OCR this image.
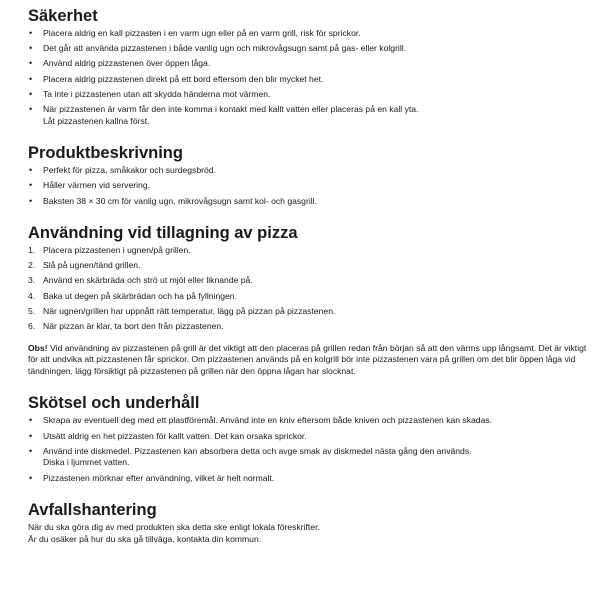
Säkerhet
• Placera aldrig en kall pizzasten i en varm ugn eller på en varm grill, risk för sprickor.
• Det går att använda pizzastenen i både vanlig ugn och mikrovågsugn samt på gas- eller kolgrill.
• Använd aldrig pizzastenen över öppen låga.
• Placera aldrig pizzastenen direkt på ett bord eftersom den blir mycket het.
• Ta inte i pizzastenen utan att skydda händerna mot värmen.
• När pizzastenen är varm får den inte komma i kontakt med kallt vatten eller placeras på en kall yta.
Låt pizzastenen kallna först.
Produktbeskrivning
• Perfekt för pizza, småkakor och surdegsbröd.
• Håller värmen vid servering.
• Baksten 38 × 30 cm för vanlig ugn, mikrovågsugn samt kol- och gasgrill.
Användning vid tillagning av pizza
1. Placera pizzastenen i ugnen/på grillen.
2. Slå på ugnen/tänd grillen.
3. Använd en skärbräda och strö ut mjöl eller liknande på.
4. Baka ut degen på skärbrädan och ha på fyllningen.
5. När ugnen/grillen har uppnått rätt temperatur, lägg på pizzan på pizzastenen.
6. När pizzan är klar, ta bort den från pizzastenen.

Obs! Vid användning av pizzastenen på grill är det viktigt att den placeras på grillen redan från början så att den värms upp långsamt. Det är viktigt för att undvika att pizzastenen får sprickor. Om pizzastenen används på en kolgrill bör inte pizzastenen vara på grillen om det blir öppen låga vid tändningen, lägg försiktigt på pizzastenen på grillen när den öppna lågan har slocknat.

Skötsel och underhåll
• Skrapa av eventuell deg med ett plastföremål. Använd inte en kniv eftersom både kniven och pizzastenen kan skadas.
• Utsätt aldrig en het pizzasten för kallt vatten. Det kan orsaka sprickor.
• Använd inte diskmedel. Pizzastenen kan absorbera detta och avge smak av diskmedel nästa gång den används.
Diska i ljummet vatten.
• Pizzastenen mörknar efter användning, vilket är helt normalt.
Avfallshantering

När du ska göra dig av med produkten ska detta ske enligt lokala föreskrifter.

Är du osäker på hur du ska gå tillväga, kontakta din kommun.
